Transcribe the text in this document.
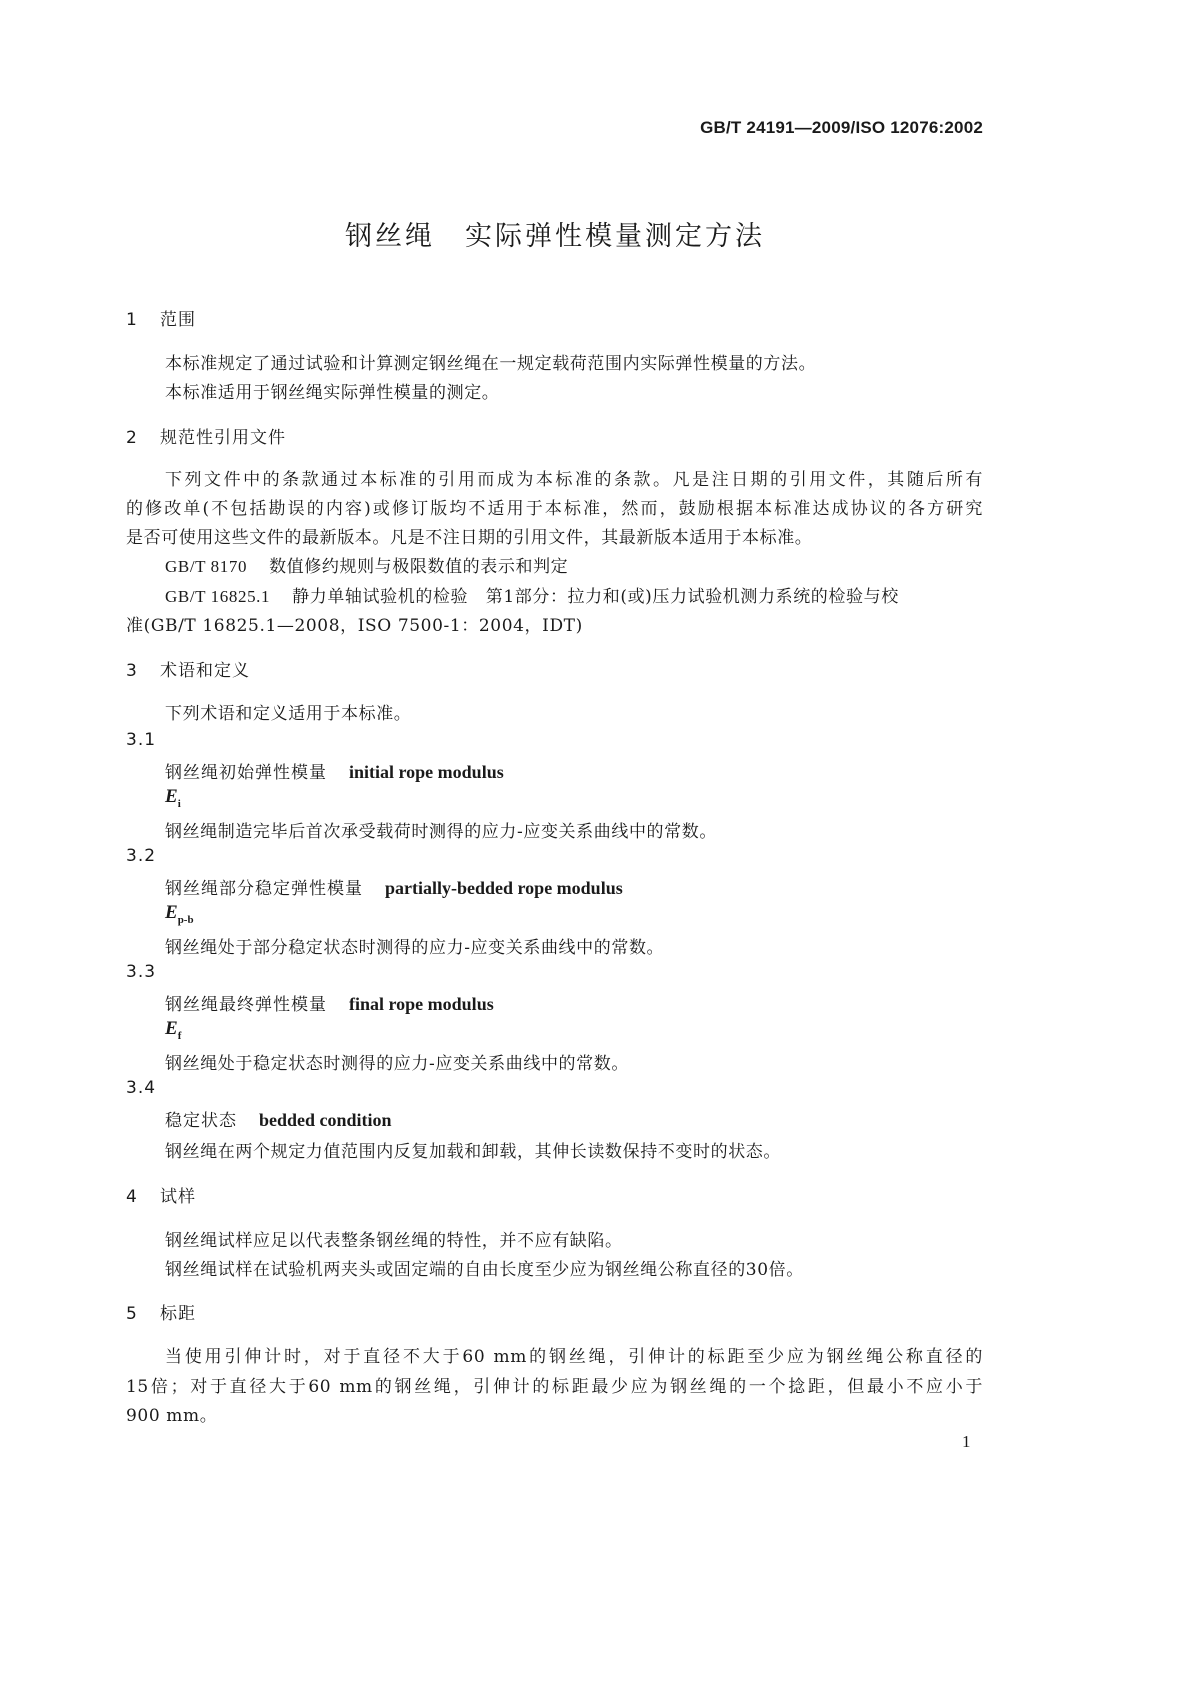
GB/T 24191—2009/ISO 12076:2002
钢丝绳　实际弹性模量测定方法
1 范围
本标准规定了通过试验和计算测定钢丝绳在一规定载荷范围内实际弹性模量的方法。
本标准适用于钢丝绳实际弹性模量的测定。
2 规范性引用文件
下列文件中的条款通过本标准的引用而成为本标准的条款。凡是注日期的引用文件，其随后所有
的修改单(不包括勘误的内容)或修订版均不适用于本标准，然而，鼓励根据本标准达成协议的各方研究
是否可使用这些文件的最新版本。凡是不注日期的引用文件，其最新版本适用于本标准。
GB/T 8170 数值修约规则与极限数值的表示和判定
GB/T 16825.1 静力单轴试验机的检验　第1部分：拉力和(或)压力试验机测力系统的检验与校
准(GB/T 16825.1—2008，ISO 7500-1：2004，IDT)
3 术语和定义
下列术语和定义适用于本标准。
3.1
钢丝绳初始弹性模量 initial rope modulus
$E_i$
钢丝绳制造完毕后首次承受载荷时测得的应力-应变关系曲线中的常数。
3.2
钢丝绳部分稳定弹性模量 partially-bedded rope modulus
$E_{p-b}$
钢丝绳处于部分稳定状态时测得的应力-应变关系曲线中的常数。
3.3
钢丝绳最终弹性模量 final rope modulus
$E_f$
钢丝绳处于稳定状态时测得的应力-应变关系曲线中的常数。
3.4
稳定状态 bedded condition
钢丝绳在两个规定力值范围内反复加载和卸载，其伸长读数保持不变时的状态。
4 试样
钢丝绳试样应足以代表整条钢丝绳的特性，并不应有缺陷。
钢丝绳试样在试验机两夹头或固定端的自由长度至少应为钢丝绳公称直径的30倍。
5 标距
当使用引伸计时，对于直径不大于60 mm的钢丝绳，引伸计的标距至少应为钢丝绳公称直径的
15倍；对于直径大于60 mm的钢丝绳，引伸计的标距最少应为钢丝绳的一个捻距，但最小不应小于
900 mm。
1
